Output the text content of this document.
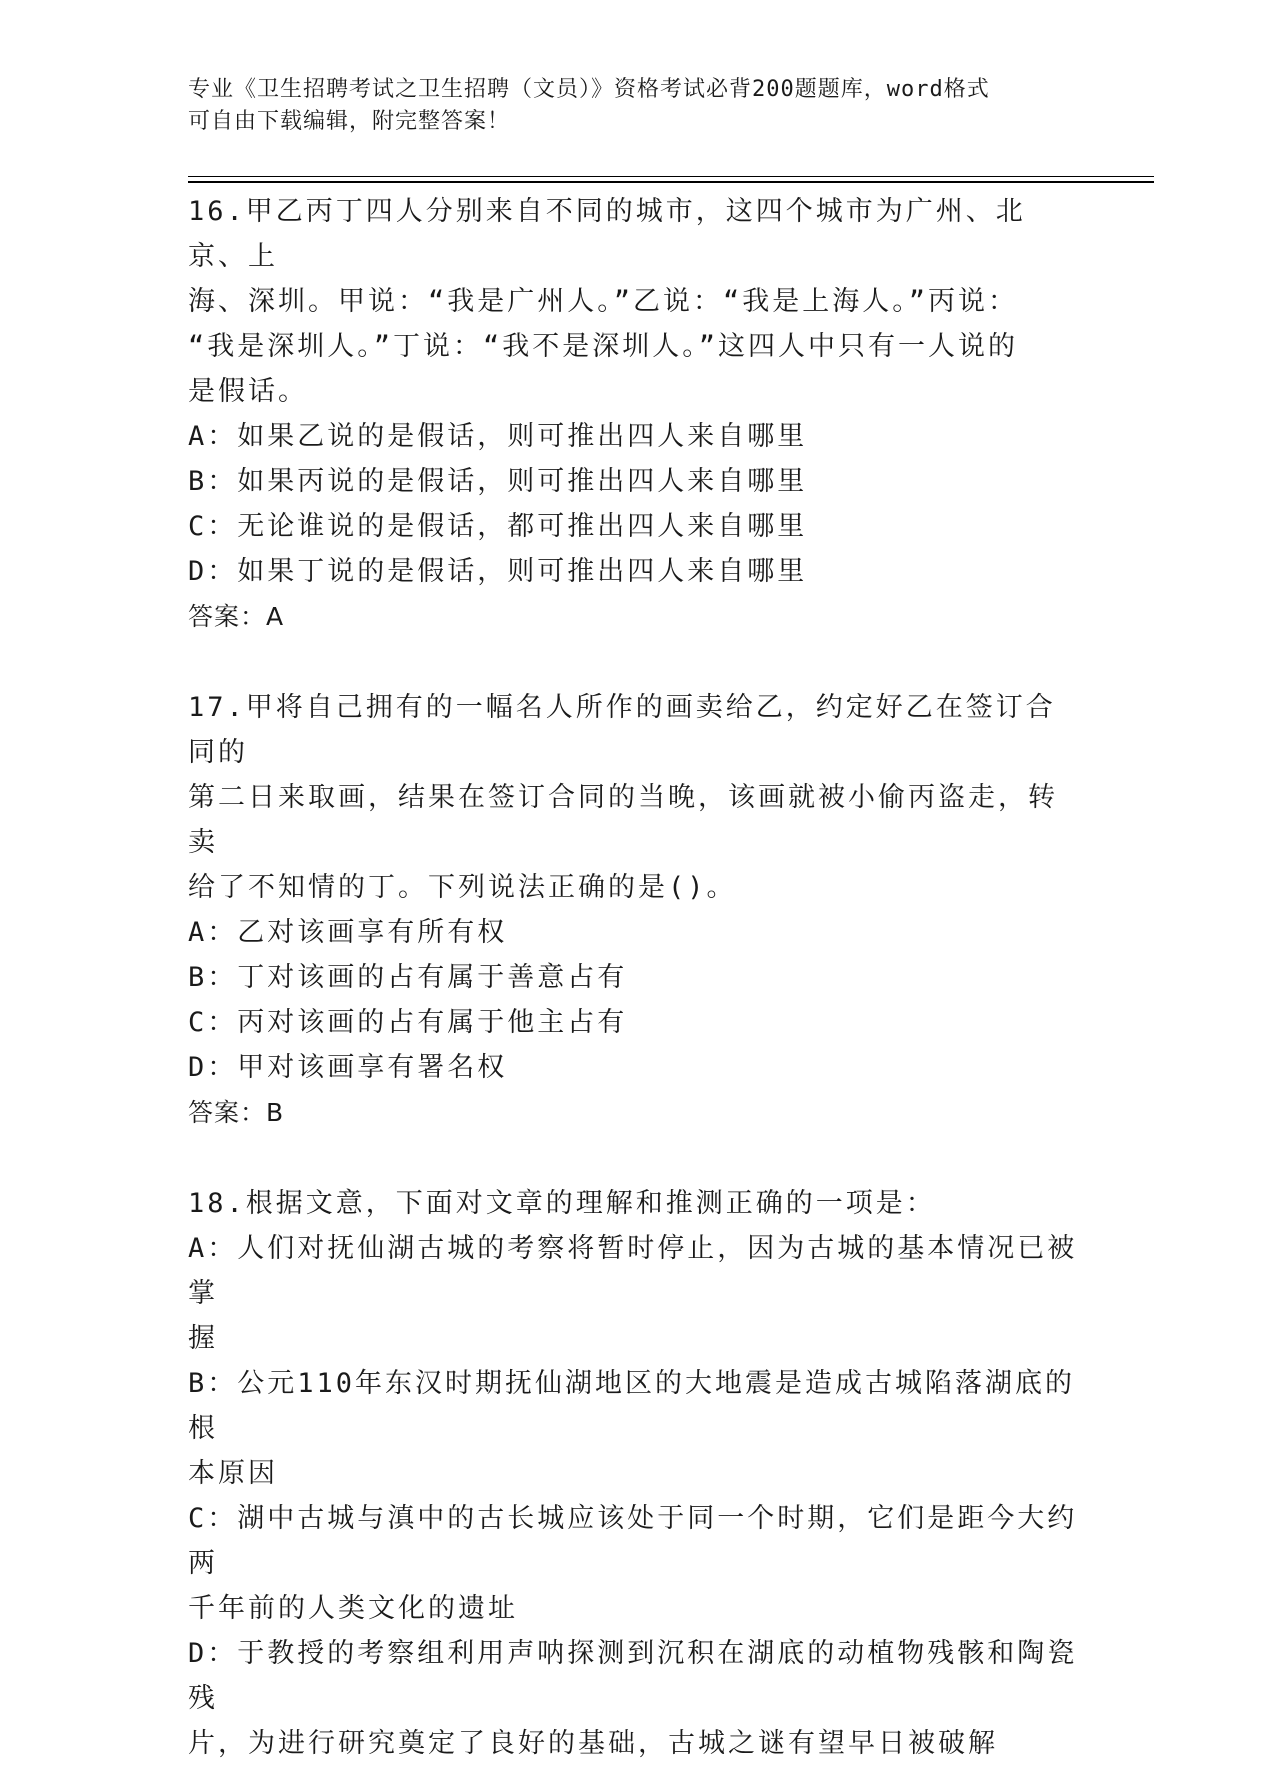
专业《卫生招聘考试之卫生招聘（文员）》资格考试必背200题题库，word格式
可自由下载编辑，附完整答案！
16.甲乙丙丁四人分别来自不同的城市，这四个城市为广州、北京、上
海、深圳。甲说：“我是广州人。”乙说：“我是上海人。”丙说：
“我是深圳人。”丁说：“我不是深圳人。”这四人中只有一人说的
是假话。
A：如果乙说的是假话，则可推出四人来自哪里
B：如果丙说的是假话，则可推出四人来自哪里
C：无论谁说的是假话，都可推出四人来自哪里
D：如果丁说的是假话，则可推出四人来自哪里
答案：A
17.甲将自己拥有的一幅名人所作的画卖给乙，约定好乙在签订合同的
第二日来取画，结果在签订合同的当晚，该画就被小偷丙盗走，转卖
给了不知情的丁。下列说法正确的是()。
A：乙对该画享有所有权
B：丁对该画的占有属于善意占有
C：丙对该画的占有属于他主占有
D：甲对该画享有署名权
答案：B
18.根据文意，下面对文章的理解和推测正确的一项是：
A：人们对抚仙湖古城的考察将暂时停止，因为古城的基本情况已被掌
握
B：公元110年东汉时期抚仙湖地区的大地震是造成古城陷落湖底的根
本原因
C：湖中古城与滇中的古长城应该处于同一个时期，它们是距今大约两
千年前的人类文化的遗址
D：于教授的考察组利用声呐探测到沉积在湖底的动植物残骸和陶瓷残
片，为进行研究奠定了良好的基础，古城之谜有望早日被破解
